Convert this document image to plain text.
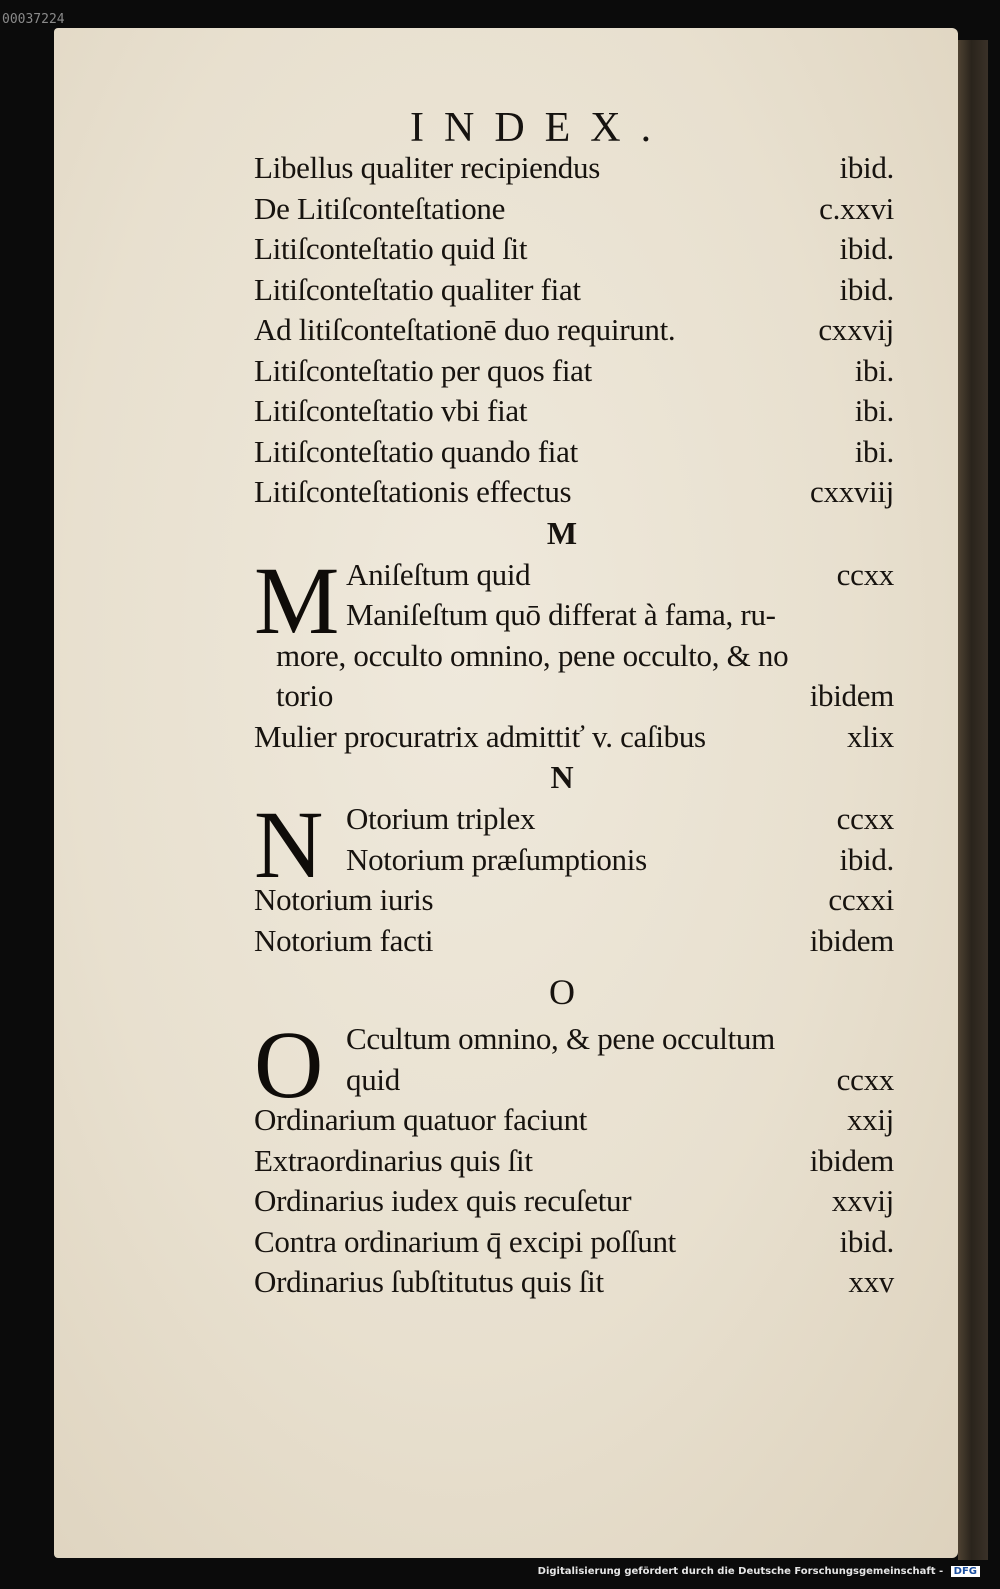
00037224
INDEX.
Libellus qualiter recipiendus	ibid.
De Litiſconteſtatione	c.xxvi
Litiſconteſtatio quid ſit	ibid.
Litiſconteſtatio qualiter fiat	ibid.
Ad litiſconteſtationē duo requirunt.	cxxvij
Litiſconteſtatio per quos fiat	ibi.
Litiſconteſtatio vbi fiat	ibi.
Litiſconteſtatio quando fiat	ibi.
Litiſconteſtationis effectus	cxxviij
M
M Aniſeſtum quid	ccxx
Maniſeſtum quō differat à fama, ru-
more, occulto omnino, pene occulto, & no
torio	ibidem
Mulier procuratrix admittiť v. caſibus	xlix
N
N Otorium triplex	ccxx
Notorium præſumptionis	ibid.
Notorium iuris	ccxxi
Notorium facti	ibidem
O
O Ccultum omnino, & pene occultum
quid	ccxx
Ordinarium quatuor faciunt	xxij
Extraordinarius quis ſit	ibidem
Ordinarius iudex quis recuſetur	xxvij
Contra ordinarium q̄ excipi poſſunt	ibid.
Ordinarius ſubſtitutus quis ſit	xxv
Digitalisierung gefördert durch die Deutsche Forschungsgemeinschaft - DFG
